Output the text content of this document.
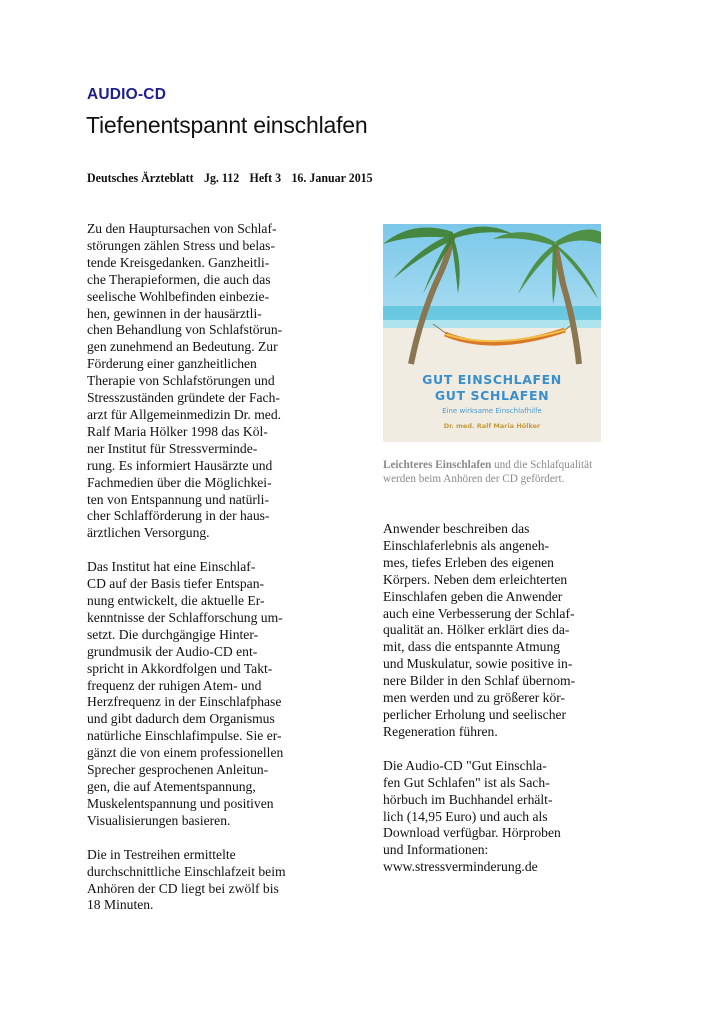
AUDIO-CD
Tiefenentspannt einschlafen
Deutsches Ärzteblatt Jg. 112 Heft 3 16. Januar 2015
Zu den Hauptursachen von Schlaf-
störungen zählen Stress und belas-
tende Kreisgedanken. Ganzheitli-
che Therapieformen, die auch das
seelische Wohlbefinden einbezie-
hen, gewinnen in der hausärztli-
chen Behandlung von Schlafstörun-
gen zunehmend an Bedeutung. Zur
Förderung einer ganzheitlichen
Therapie von Schlafstörungen und
Stresszuständen gründete der Fach-
arzt für Allgemeinmedizin Dr. med.
Ralf Maria Hölker 1998 das Köl-
ner Institut für Stressverminde-
rung. Es informiert Hausärzte und
Fachmedien über die Möglichkei-
ten von Entspannung und natürli-
cher Schlafförderung in der haus-
ärztlichen Versorgung.
Das Institut hat eine Einschlaf-
CD auf der Basis tiefer Entspan-
nung entwickelt, die aktuelle Er-
kenntnisse der Schlafforschung um-
setzt. Die durchgängige Hinter-
grundmusik der Audio-CD ent-
spricht in Akkordfolgen und Takt-
frequenz der ruhigen Atem- und
Herzfrequenz in der Einschlafphase
und gibt dadurch dem Organismus
natürliche Einschlafimpulse. Sie er-
gänzt die von einem professionellen
Sprecher gesprochenen Anleitun-
gen, die auf Atementspannung,
Muskelentspannung und positiven
Visualisierungen basieren.
Die in Testreihen ermittelte
durchschnittliche Einschlafzeit beim
Anhören der CD liegt bei zwölf bis
18 Minuten.
GUT EINSCHLAFEN
GUT SCHLAFEN
Eine wirksame Einschlafhilfe
Dr. med. Ralf Maria Hölker
Leichteres Einschlafen und die Schlafqualität
werden beim Anhören der CD gefördert.
Anwender beschreiben das
Einschlaferlebnis als angeneh-
mes, tiefes Erleben des eigenen
Körpers. Neben dem erleichterten
Einschlafen geben die Anwender
auch eine Verbesserung der Schlaf-
qualität an. Hölker erklärt dies da-
mit, dass die entspannte Atmung
und Muskulatur, sowie positive in-
nere Bilder in den Schlaf übernom-
men werden und zu größerer kör-
perlicher Erholung und seelischer
Regeneration führen.
Die Audio-CD "Gut Einschla-
fen Gut Schlafen" ist als Sach-
hörbuch im Buchhandel erhält-
lich (14,95 Euro) und auch als
Download verfügbar. Hörproben
und Informationen:
www.stressverminderung.de
